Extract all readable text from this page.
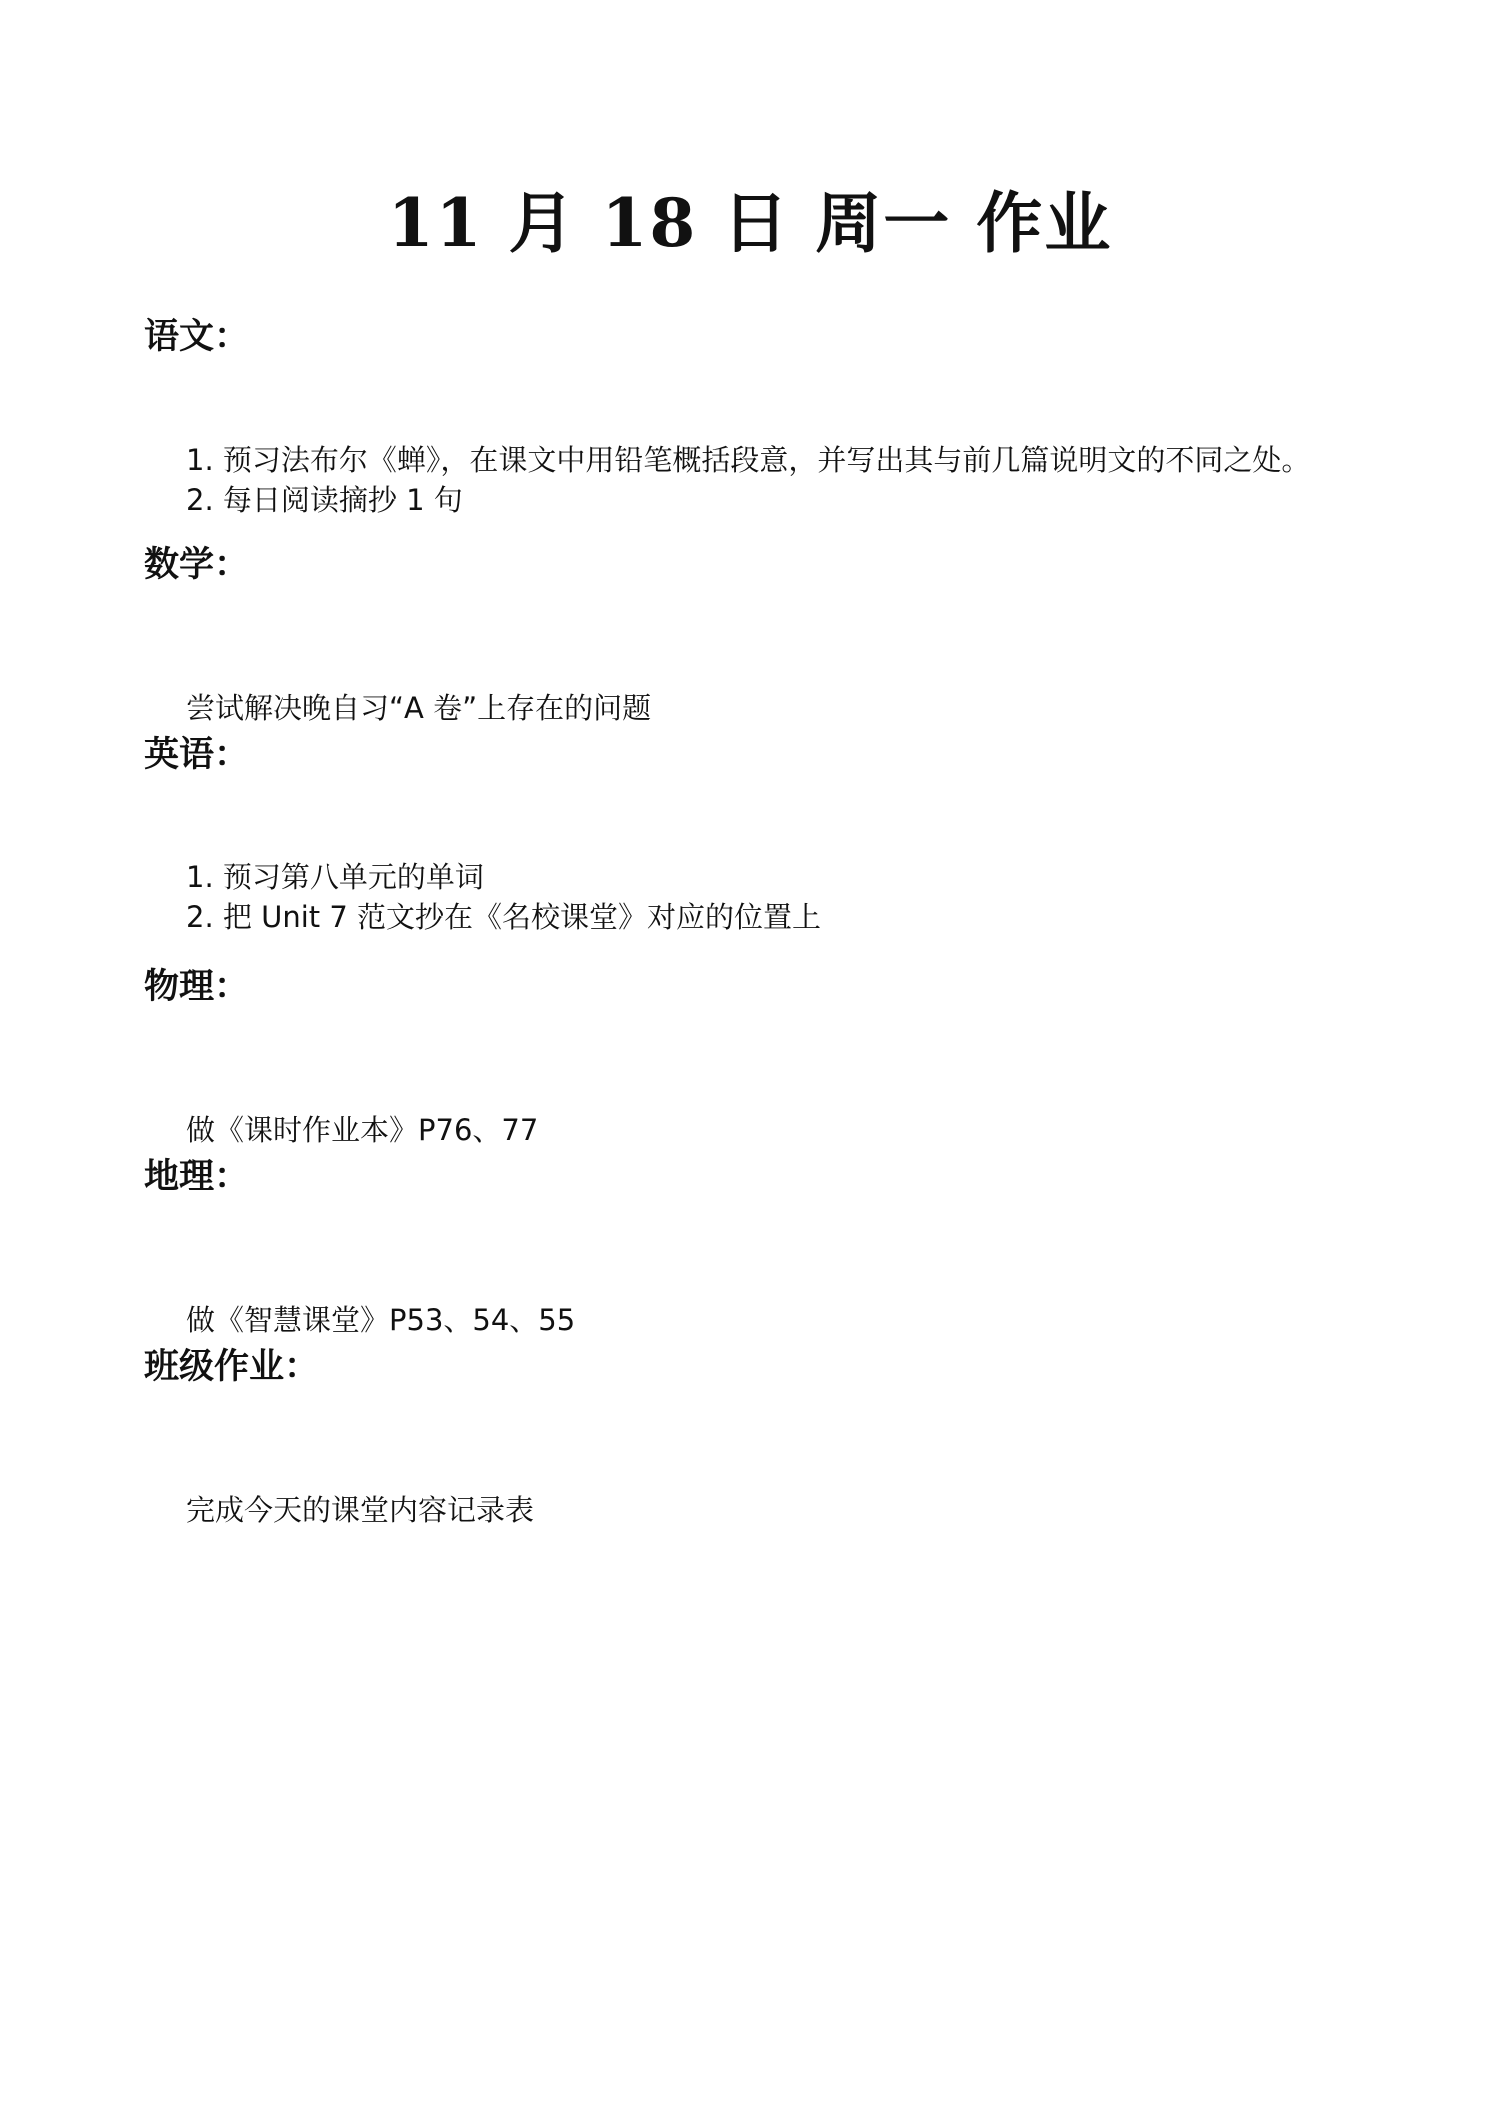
11 月 18 日 周一 作业
语文：
1. 预习法布尔《蝉》，在课文中用铅笔概括段意，并写出其与前几篇说明文的不同之处。
2. 每日阅读摘抄 1 句
数学：
尝试解决晚自习“A 卷”上存在的问题
英语：
1. 预习第八单元的单词
2. 把 Unit 7 范文抄在《名校课堂》对应的位置上
物理：
做《课时作业本》P76、77
地理：
做《智慧课堂》P53、54、55
班级作业：
完成今天的课堂内容记录表
